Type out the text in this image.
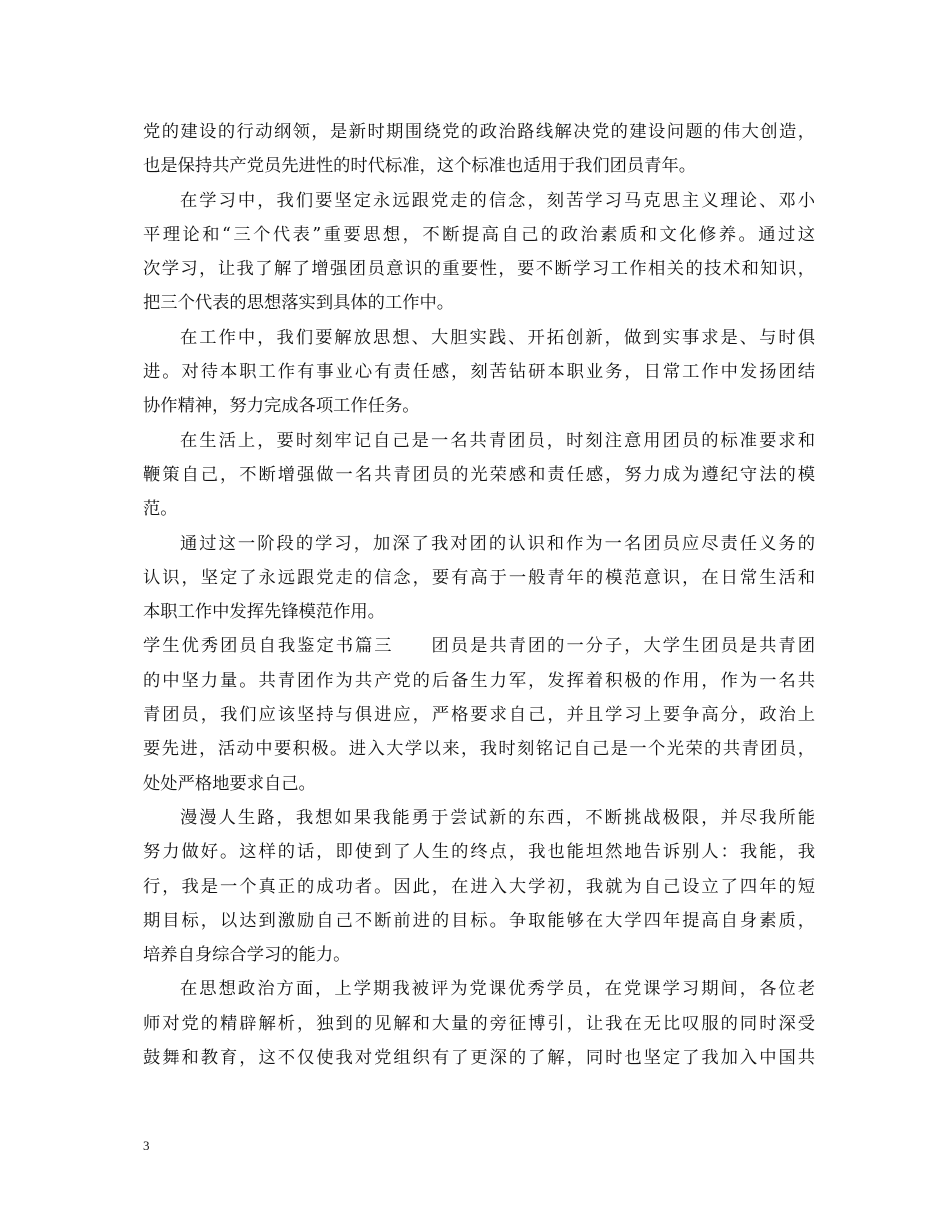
党的建设的行动纲领，是新时期围绕党的政治路线解决党的建设问题的伟大创造，
也是保持共产党员先进性的时代标准，这个标准也适用于我们团员青年。
在学习中，我们要坚定永远跟党走的信念，刻苦学习马克思主义理论、邓小
平理论和“三个代表”重要思想，不断提高自己的政治素质和文化修养。通过这
次学习，让我了解了增强团员意识的重要性，要不断学习工作相关的技术和知识，
把三个代表的思想落实到具体的工作中。
在工作中，我们要解放思想、大胆实践、开拓创新，做到实事求是、与时俱
进。对待本职工作有事业心有责任感，刻苦钻研本职业务，日常工作中发扬团结
协作精神，努力完成各项工作任务。
在生活上，要时刻牢记自己是一名共青团员，时刻注意用团员的标准要求和
鞭策自己，不断增强做一名共青团员的光荣感和责任感，努力成为遵纪守法的模
范。
通过这一阶段的学习，加深了我对团的认识和作为一名团员应尽责任义务的
认识，坚定了永远跟党走的信念，要有高于一般青年的模范意识，在日常生活和
本职工作中发挥先锋模范作用。
学生优秀团员自我鉴定书篇三 团员是共青团的一分子，大学生团员是共青团
的中坚力量。共青团作为共产党的后备生力军，发挥着积极的作用，作为一名共
青团员，我们应该坚持与俱进应，严格要求自己，并且学习上要争高分，政治上
要先进，活动中要积极。进入大学以来，我时刻铭记自己是一个光荣的共青团员，
处处严格地要求自己。
漫漫人生路，我想如果我能勇于尝试新的东西，不断挑战极限，并尽我所能
努力做好。这样的话，即使到了人生的终点，我也能坦然地告诉别人：我能，我
行，我是一个真正的成功者。因此，在进入大学初，我就为自己设立了四年的短
期目标，以达到激励自己不断前进的目标。争取能够在大学四年提高自身素质，
培养自身综合学习的能力。
在思想政治方面，上学期我被评为党课优秀学员，在党课学习期间，各位老
师对党的精辟解析，独到的见解和大量的旁征博引，让我在无比叹服的同时深受
鼓舞和教育，这不仅使我对党组织有了更深的了解，同时也坚定了我加入中国共
3
